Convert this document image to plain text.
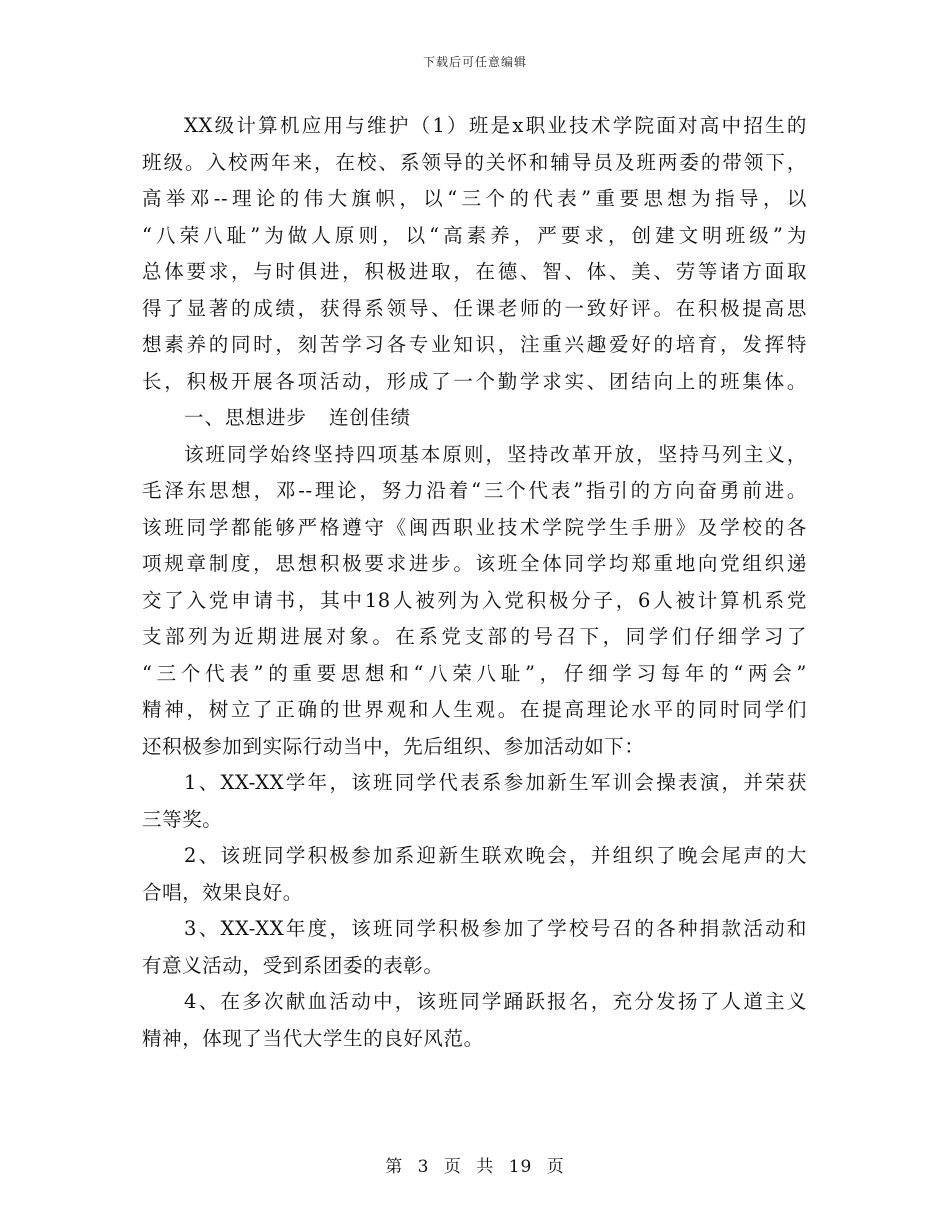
下载后可任意编辑
XX级计算机应用与维护（1）班是x职业技术学院面对高中招生的
班级。入校两年来，在校、系领导的关怀和辅导员及班两委的带领下，
高举邓--理论的伟大旗帜，以“三个的代表”重要思想为指导，以
“八荣八耻”为做人原则，以“高素养，严要求，创建文明班级”为
总体要求，与时俱进，积极进取，在德、智、体、美、劳等诸方面取
得了显著的成绩，获得系领导、任课老师的一致好评。在积极提高思
想素养的同时，刻苦学习各专业知识，注重兴趣爱好的培育，发挥特
长，积极开展各项活动，形成了一个勤学求实、团结向上的班集体。
一、思想进步 连创佳绩
该班同学始终坚持四项基本原则，坚持改革开放，坚持马列主义，
毛泽东思想，邓--理论，努力沿着“三个代表”指引的方向奋勇前进。
该班同学都能够严格遵守《闽西职业技术学院学生手册》及学校的各
项规章制度，思想积极要求进步。该班全体同学均郑重地向党组织递
交了入党申请书，其中18人被列为入党积极分子，6人被计算机系党
支部列为近期进展对象。在系党支部的号召下，同学们仔细学习了
“三个代表”的重要思想和“八荣八耻”，仔细学习每年的“两会”
精神，树立了正确的世界观和人生观。在提高理论水平的同时同学们
还积极参加到实际行动当中，先后组织、参加活动如下：
1、XX-XX学年，该班同学代表系参加新生军训会操表演，并荣获
三等奖。
2、该班同学积极参加系迎新生联欢晚会，并组织了晚会尾声的大
合唱，效果良好。
3、XX-XX年度，该班同学积极参加了学校号召的各种捐款活动和
有意义活动，受到系团委的表彰。
4、在多次献血活动中，该班同学踊跃报名，充分发扬了人道主义
精神，体现了当代大学生的良好风范。
第 3 页 共 19 页
